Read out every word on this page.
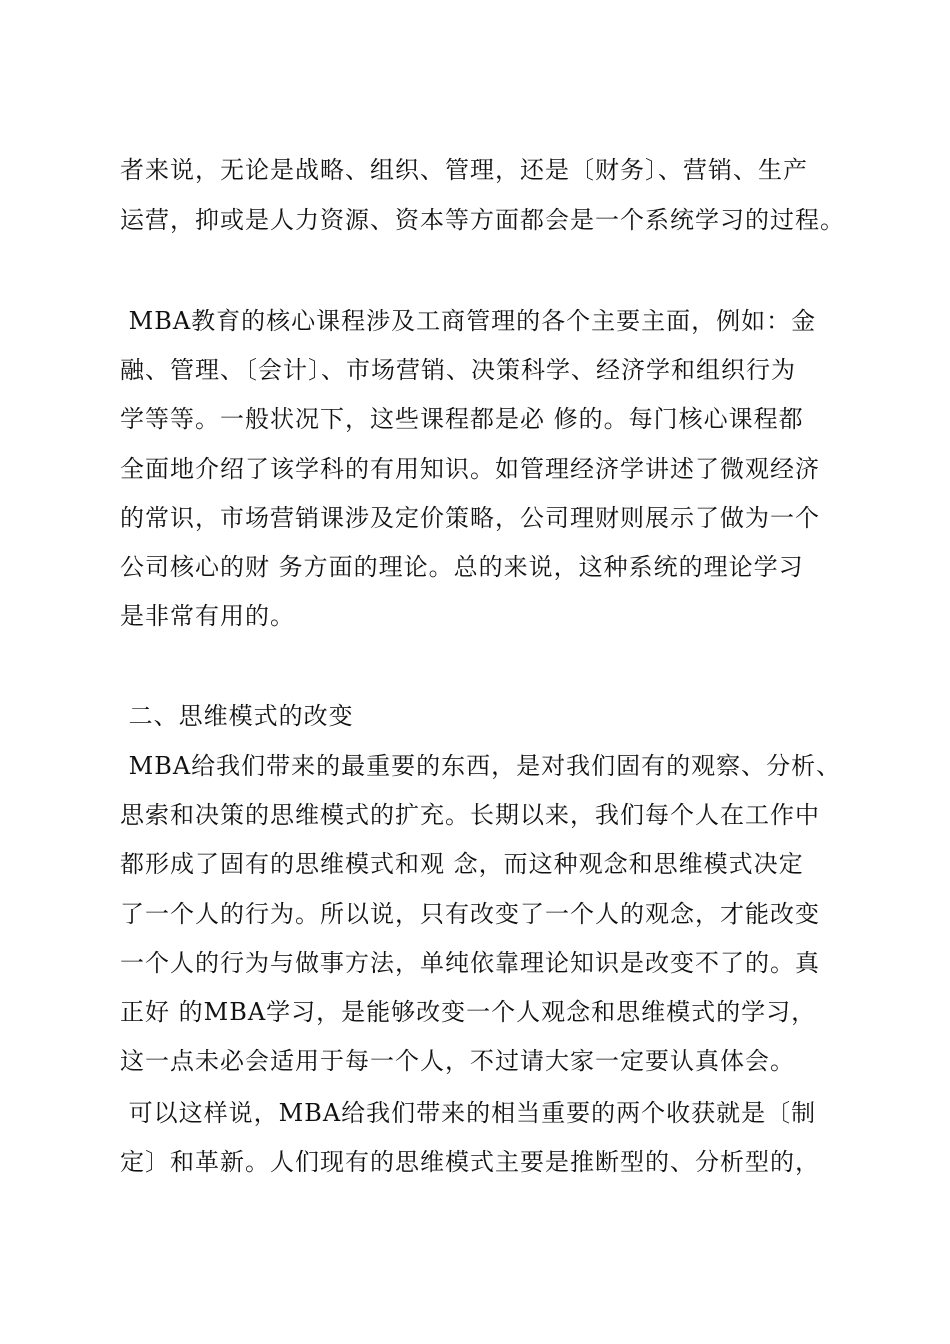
者来说，无论是战略、组织、管理，还是〔财务〕、营销、生产

运营，抑或是人力资源、资本等方面都会是一个系统学习的过程。

MBA教育的核心课程涉及工商管理的各个主要主面，例如：金

融、管理、〔会计〕、市场营销、决策科学、经济学和组织行为

学等等。一般状况下，这些课程都是必 修的。每门核心课程都

全面地介绍了该学科的有用知识。如管理经济学讲述了微观经济

的常识，市场营销课涉及定价策略，公司理财则展示了做为一个

公司核心的财 务方面的理论。总的来说，这种系统的理论学习

是非常有用的。

二、思维模式的改变

MBA给我们带来的最重要的东西，是对我们固有的观察、分析、

思索和决策的思维模式的扩充。长期以来，我们每个人在工作中

都形成了固有的思维模式和观 念，而这种观念和思维模式决定

了一个人的行为。所以说，只有改变了一个人的观念，才能改变

一个人的行为与做事方法，单纯依靠理论知识是改变不了的。真

正好 的MBA学习，是能够改变一个人观念和思维模式的学习，

这一点未必会适用于每一个人，不过请大家一定要认真体会。

可以这样说，MBA给我们带来的相当重要的两个收获就是〔制

定〕和革新。人们现有的思维模式主要是推断型的、分析型的，
